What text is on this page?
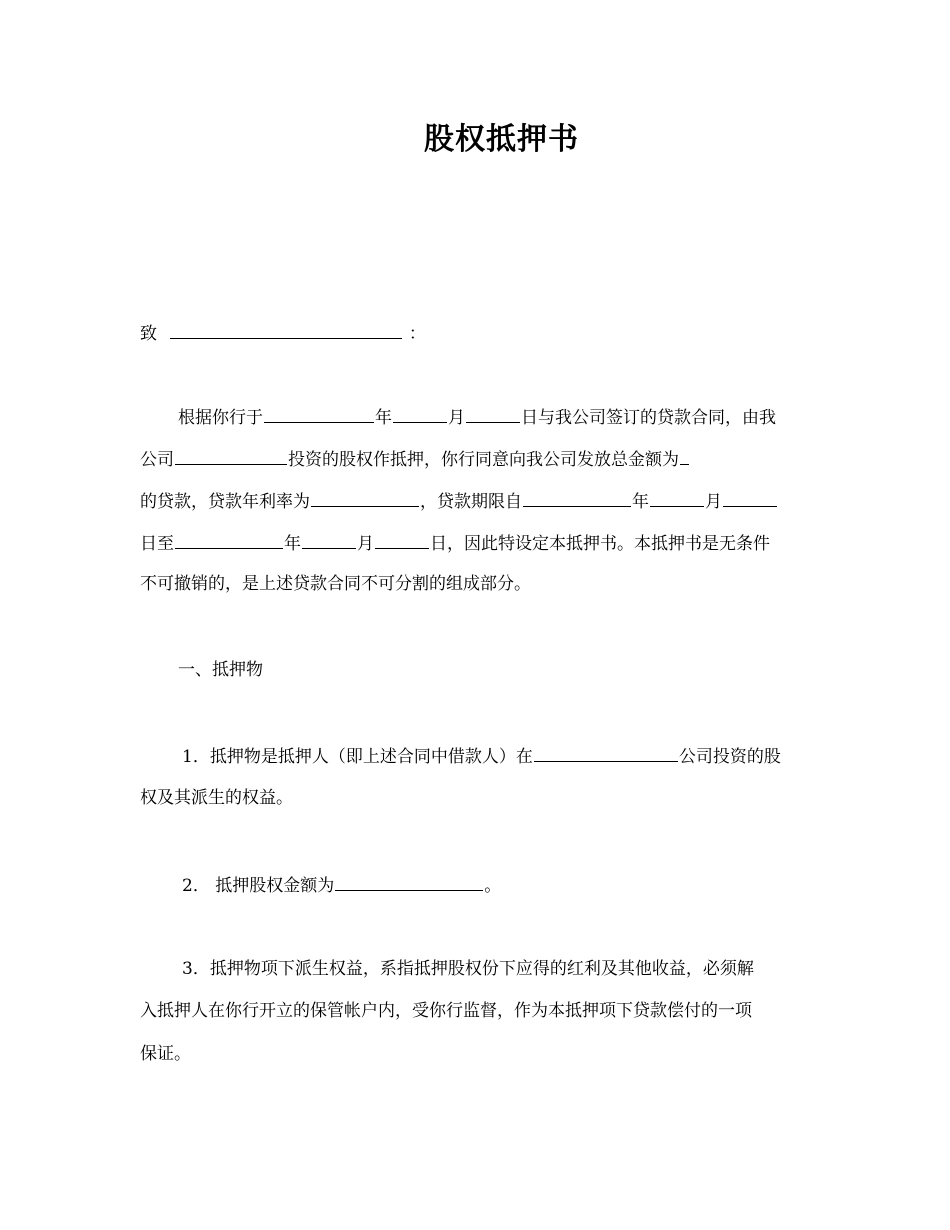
股权抵押书
致	：
根据你行于	年	月	日与我公司签订的贷款合同，由我
公司	投资的股权作抵押，你行同意向我公司发放总金额为
的贷款，贷款年利率为	，贷款期限自	年	月
日至	年	月	日，因此特设定本抵押书。本抵押书是无条件
不可撤销的，是上述贷款合同不可分割的组成部分。
一、抵押物
1．抵押物是抵押人（即上述合同中借款人）在	公司投资的股
权及其派生的权益。
2． 抵押股权金额为	。
3．抵押物项下派生权益，系指抵押股权份下应得的红利及其他收益，必须解
入抵押人在你行开立的保管帐户内，受你行监督，作为本抵押项下贷款偿付的一项
保证。
